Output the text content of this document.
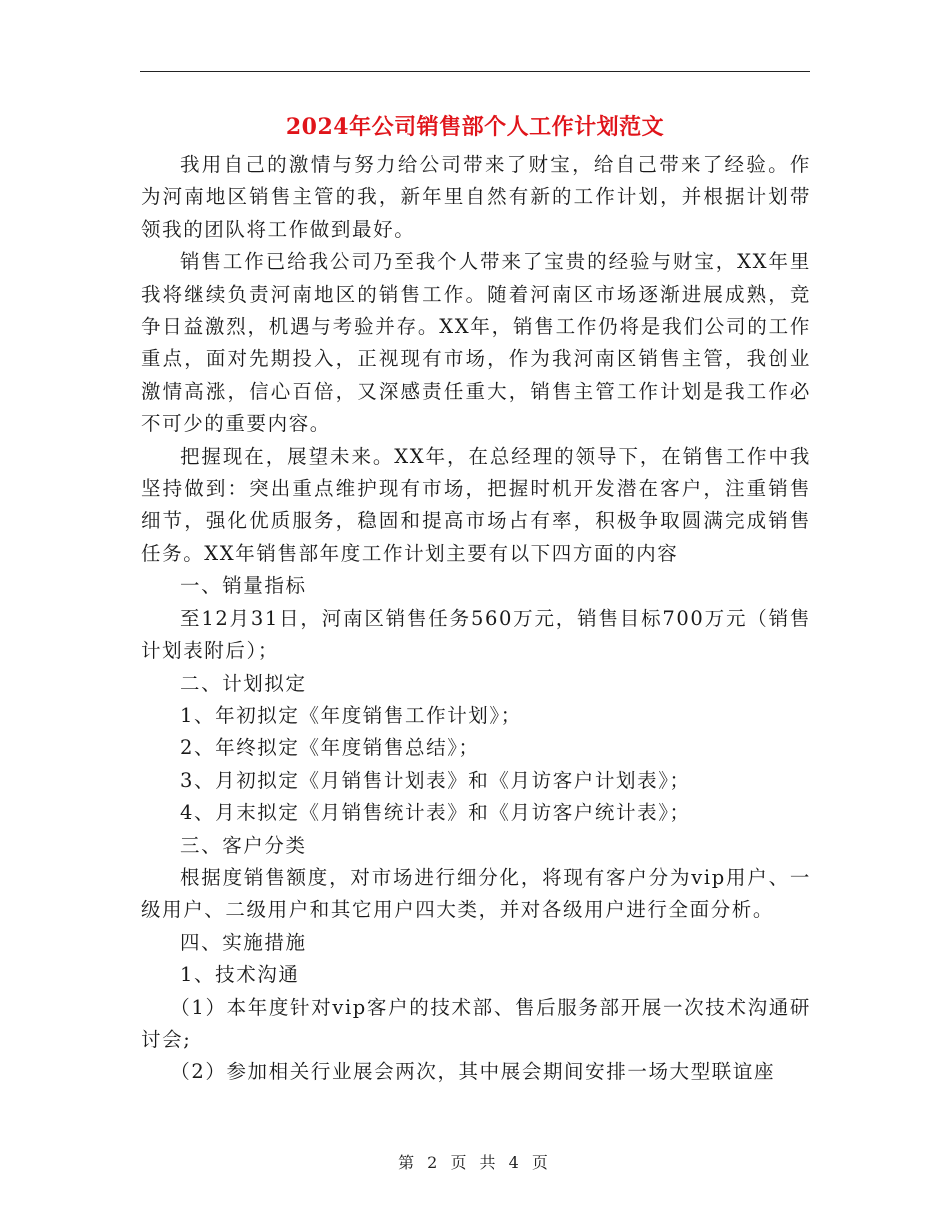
2024年公司销售部个人工作计划范文

我用自己的激情与努力给公司带来了财宝，给自己带来了经验。作为河南地区销售主管的我，新年里自然有新的工作计划，并根据计划带领我的团队将工作做到最好。

销售工作已给我公司乃至我个人带来了宝贵的经验与财宝，XX年里我将继续负责河南地区的销售工作。随着河南区市场逐渐进展成熟，竞争日益激烈，机遇与考验并存。XX年，销售工作仍将是我们公司的工作重点，面对先期投入，正视现有市场，作为我河南区销售主管，我创业激情高涨，信心百倍，又深感责任重大，销售主管工作计划是我工作必不可少的重要内容。

把握现在，展望未来。XX年，在总经理的领导下，在销售工作中我坚持做到：突出重点维护现有市场，把握时机开发潜在客户，注重销售细节，强化优质服务，稳固和提高市场占有率，积极争取圆满完成销售任务。XX年销售部年度工作计划主要有以下四方面的内容

一、销量指标

至12月31日，河南区销售任务560万元，销售目标700万元（销售计划表附后）；

二、计划拟定

1、年初拟定《年度销售工作计划》；

2、年终拟定《年度销售总结》；

3、月初拟定《月销售计划表》和《月访客户计划表》；

4、月末拟定《月销售统计表》和《月访客户统计表》；

三、客户分类

根据度销售额度，对市场进行细分化，将现有客户分为vip用户、一级用户、二级用户和其它用户四大类，并对各级用户进行全面分析。

四、实施措施

1、技术沟通

（1）本年度针对vip客户的技术部、售后服务部开展一次技术沟通研讨会;

（2）参加相关行业展会两次，其中展会期间安排一场大型联谊座

第 2 页 共 4 页
